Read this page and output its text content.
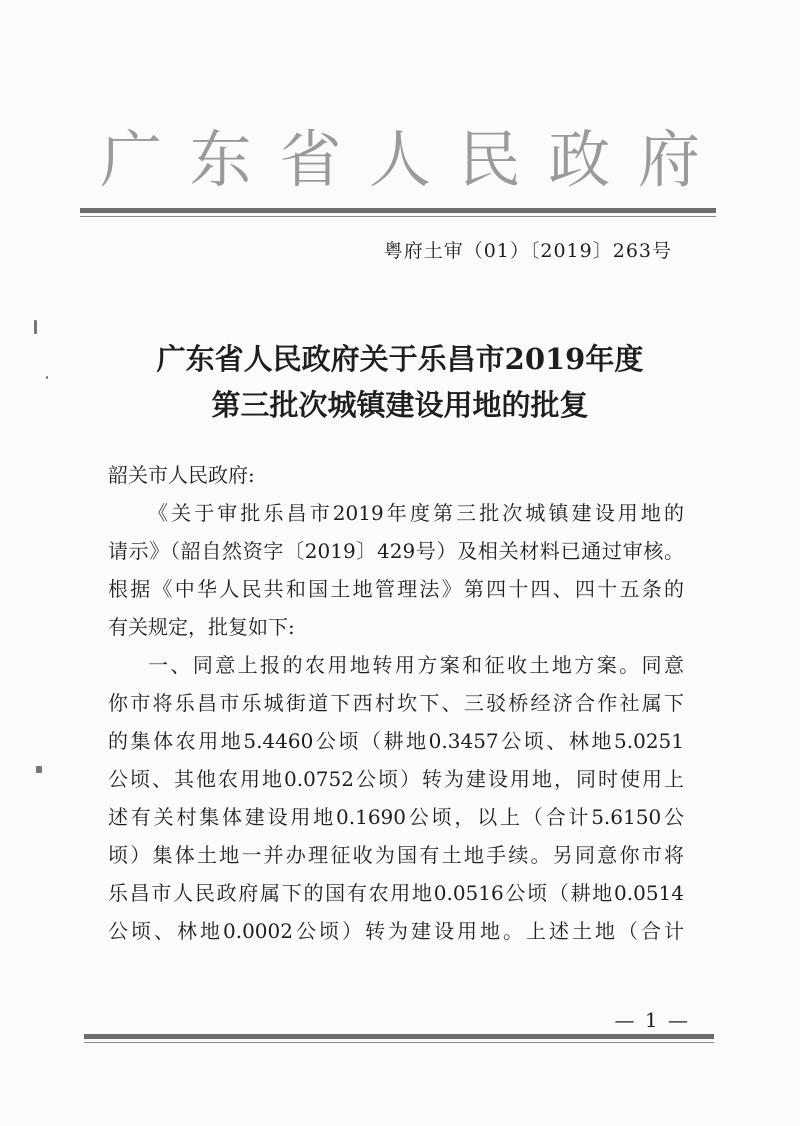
广 东 省 人 民 政 府
粤府土审（01）〔2019〕263号
广东省人民政府关于乐昌市2019年度
第三批次城镇建设用地的批复

韶关市人民政府:

《关于审批乐昌市2019年度第三批次城镇建设用地的

请示》（韶自然资字〔2019〕429号）及相关材料已通过审核。

根据《中华人民共和国土地管理法》第四十四、四十五条的

有关规定，批复如下:

一、同意上报的农用地转用方案和征收土地方案。同意

你市将乐昌市乐城街道下西村坎下、三驳桥经济合作社属下

的集体农用地5.4460公顷（耕地0.3457公顷、林地5.0251

公顷、其他农用地0.0752公顷）转为建设用地，同时使用上

述有关村集体建设用地0.1690公顷，以上（合计5.6150公

顷）集体土地一并办理征收为国有土地手续。另同意你市将

乐昌市人民政府属下的国有农用地0.0516公顷（耕地0.0514

公顷、林地0.0002公顷）转为建设用地。上述土地（合计

— 1 —
